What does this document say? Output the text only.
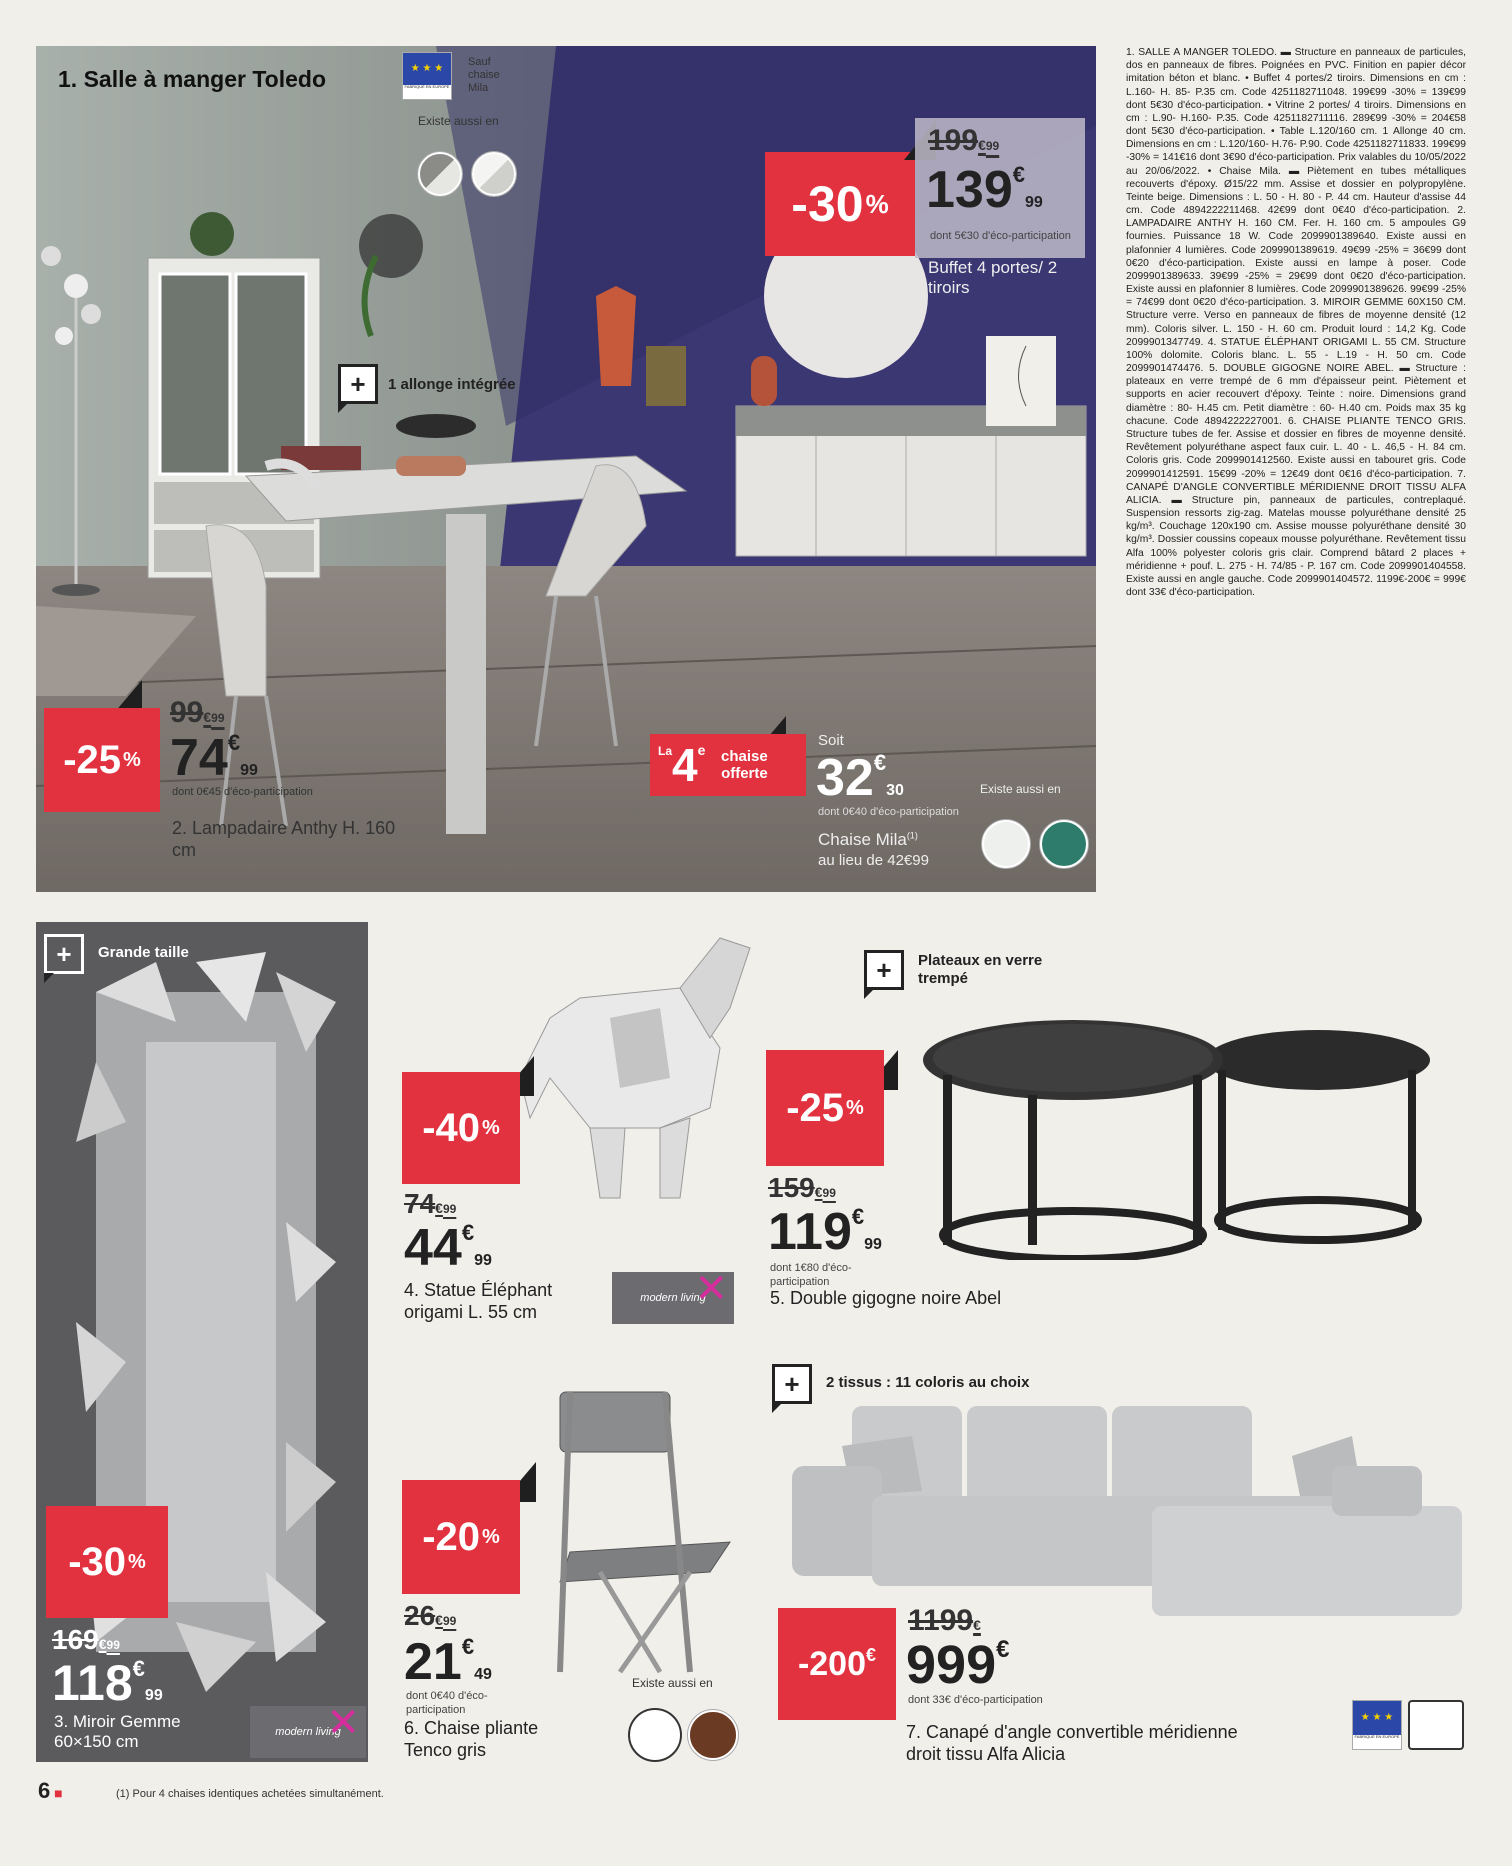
1. Salle à manger Toledo	★ ★ ★
FABRIQUÉ EN EUROPE
Sauf chaise Mila
Existe aussi en
+	1 allonge intégrée
-30 %
199€99
139€99
dont 5€30 d'éco-participation
Buffet 4 portes/ 2 tiroirs
-25 %
99€99
74€99
dont 0€45 d'éco-participation
2. Lampadaire Anthy H. 160 cm
La 4 e	chaise offerte
Soit
32€30
dont 0€40 d'éco-participation
Chaise Mila$^{(1)}$
au lieu de 42€99
Existe aussi en
1. SALLE A MANGER TOLEDO. ▬ Structure en panneaux de particules, dos en panneaux de fibres. Poignées en PVC. Finition en papier décor imitation béton et blanc. • Buffet 4 portes/2 tiroirs. Dimensions en cm : L.160- H. 85- P.35 cm. Code 4251182711048. 199€99 -30% = 139€99 dont 5€30 d'éco-participation. • Vitrine 2 portes/ 4 tiroirs. Dimensions en cm : L.90- H.160- P.35. Code 4251182711116. 289€99 -30% = 204€58 dont 5€30 d'éco-participation. • Table L.120/160 cm. 1 Allonge 40 cm. Dimensions en cm : L.120/160- H.76- P.90. Code 4251182711833. 199€99 -30% = 141€16 dont 3€90 d'éco-participation. Prix valables du 10/05/2022 au 20/06/2022. • Chaise Mila. ▬ Piètement en tubes métalliques recouverts d'époxy. Ø15/22 mm. Assise et dossier en polypropylène. Teinte beige. Dimensions : L. 50 - H. 80 - P. 44 cm. Hauteur d'assise 44 cm. Code 4894222211468. 42€99 dont 0€40 d'éco-participation. 2. LAMPADAIRE ANTHY H. 160 CM. Fer. H. 160 cm. 5 ampoules G9 fournies. Puissance 18 W. Code 2099901389640. Existe aussi en plafonnier 4 lumières. Code 2099901389619. 49€99 -25% = 36€99 dont 0€20 d'éco-participation. Existe aussi en lampe à poser. Code 2099901389633. 39€99 -25% = 29€99 dont 0€20 d'éco-participation. Existe aussi en plafonnier 8 lumières. Code 2099901389626. 99€99 -25% = 74€99 dont 0€20 d'éco-participation. 3. MIROIR GEMME 60X150 CM. Structure verre. Verso en panneaux de fibres de moyenne densité (12 mm). Coloris silver. L. 150 - H. 60 cm. Produit lourd : 14,2 Kg. Code 2099901347749. 4. STATUE ÉLÉPHANT ORIGAMI L. 55 CM. Structure 100% dolomite. Coloris blanc. L. 55 - L.19 - H. 50 cm. Code 2099901474476. 5. DOUBLE GIGOGNE NOIRE ABEL. ▬ Structure : plateaux en verre trempé de 6 mm d'épaisseur peint. Piètement et supports en acier recouvert d'époxy. Teinte : noire. Dimensions grand diamètre : 80- H.45 cm. Petit diamètre : 60- H.40 cm. Poids max 35 kg chacune. Code 4894222227001. 6. CHAISE PLIANTE TENCO GRIS. Structure tubes de fer. Assise et dossier en fibres de moyenne densité. Revêtement polyuréthane aspect faux cuir. L. 40 - L. 46,5 - H. 84 cm. Coloris gris. Code 2099901412560. Existe aussi en tabouret gris. Code 2099901412591. 15€99 -20% = 12€49 dont 0€16 d'éco-participation. 7. CANAPÉ D'ANGLE CONVERTIBLE MÉRIDIENNE DROIT TISSU ALFA ALICIA. ▬ Structure pin, panneaux de particules, contreplaqué. Suspension ressorts zig-zag. Matelas mousse polyuréthane densité 25 kg/m³. Couchage 120x190 cm. Assise mousse polyuréthane densité 30 kg/m³. Dossier coussins copeaux mousse polyuréthane. Revêtement tissu Alfa 100% polyester coloris gris clair. Comprend bâtard 2 places + méridienne + pouf. L. 275 - H. 74/85 - P. 167 cm. Code 2099901404558. Existe aussi en angle gauche. Code 2099901404572. 1199€-200€ = 999€ dont 33€ d'éco-participation.
+	Grande taille
-30 %
169€99
118€99
3. Miroir Gemme 60×150 cm
modern living
✕
-40 %
74€99
44€99
4. Statue Éléphant origami L. 55 cm
modern living
✕
+	Plateaux en verre trempé
-25 %
159€99
119€99
dont 1€80 d'éco-participation
5. Double gigogne noire Abel
-20 %
26€99
21€49
dont 0€40 d'éco-participation
6. Chaise pliante Tenco gris
Existe aussi en
+	2 tissus : 11 coloris au choix
-200 €
1199€
999€
dont 33€ d'éco-participation
7. Canapé d'angle convertible méridienne droit tissu Alfa Alicia
★ ★ ★
FABRIQUÉ EN EUROPE
6 ■	(1) Pour 4 chaises identiques achetées simultanément.
